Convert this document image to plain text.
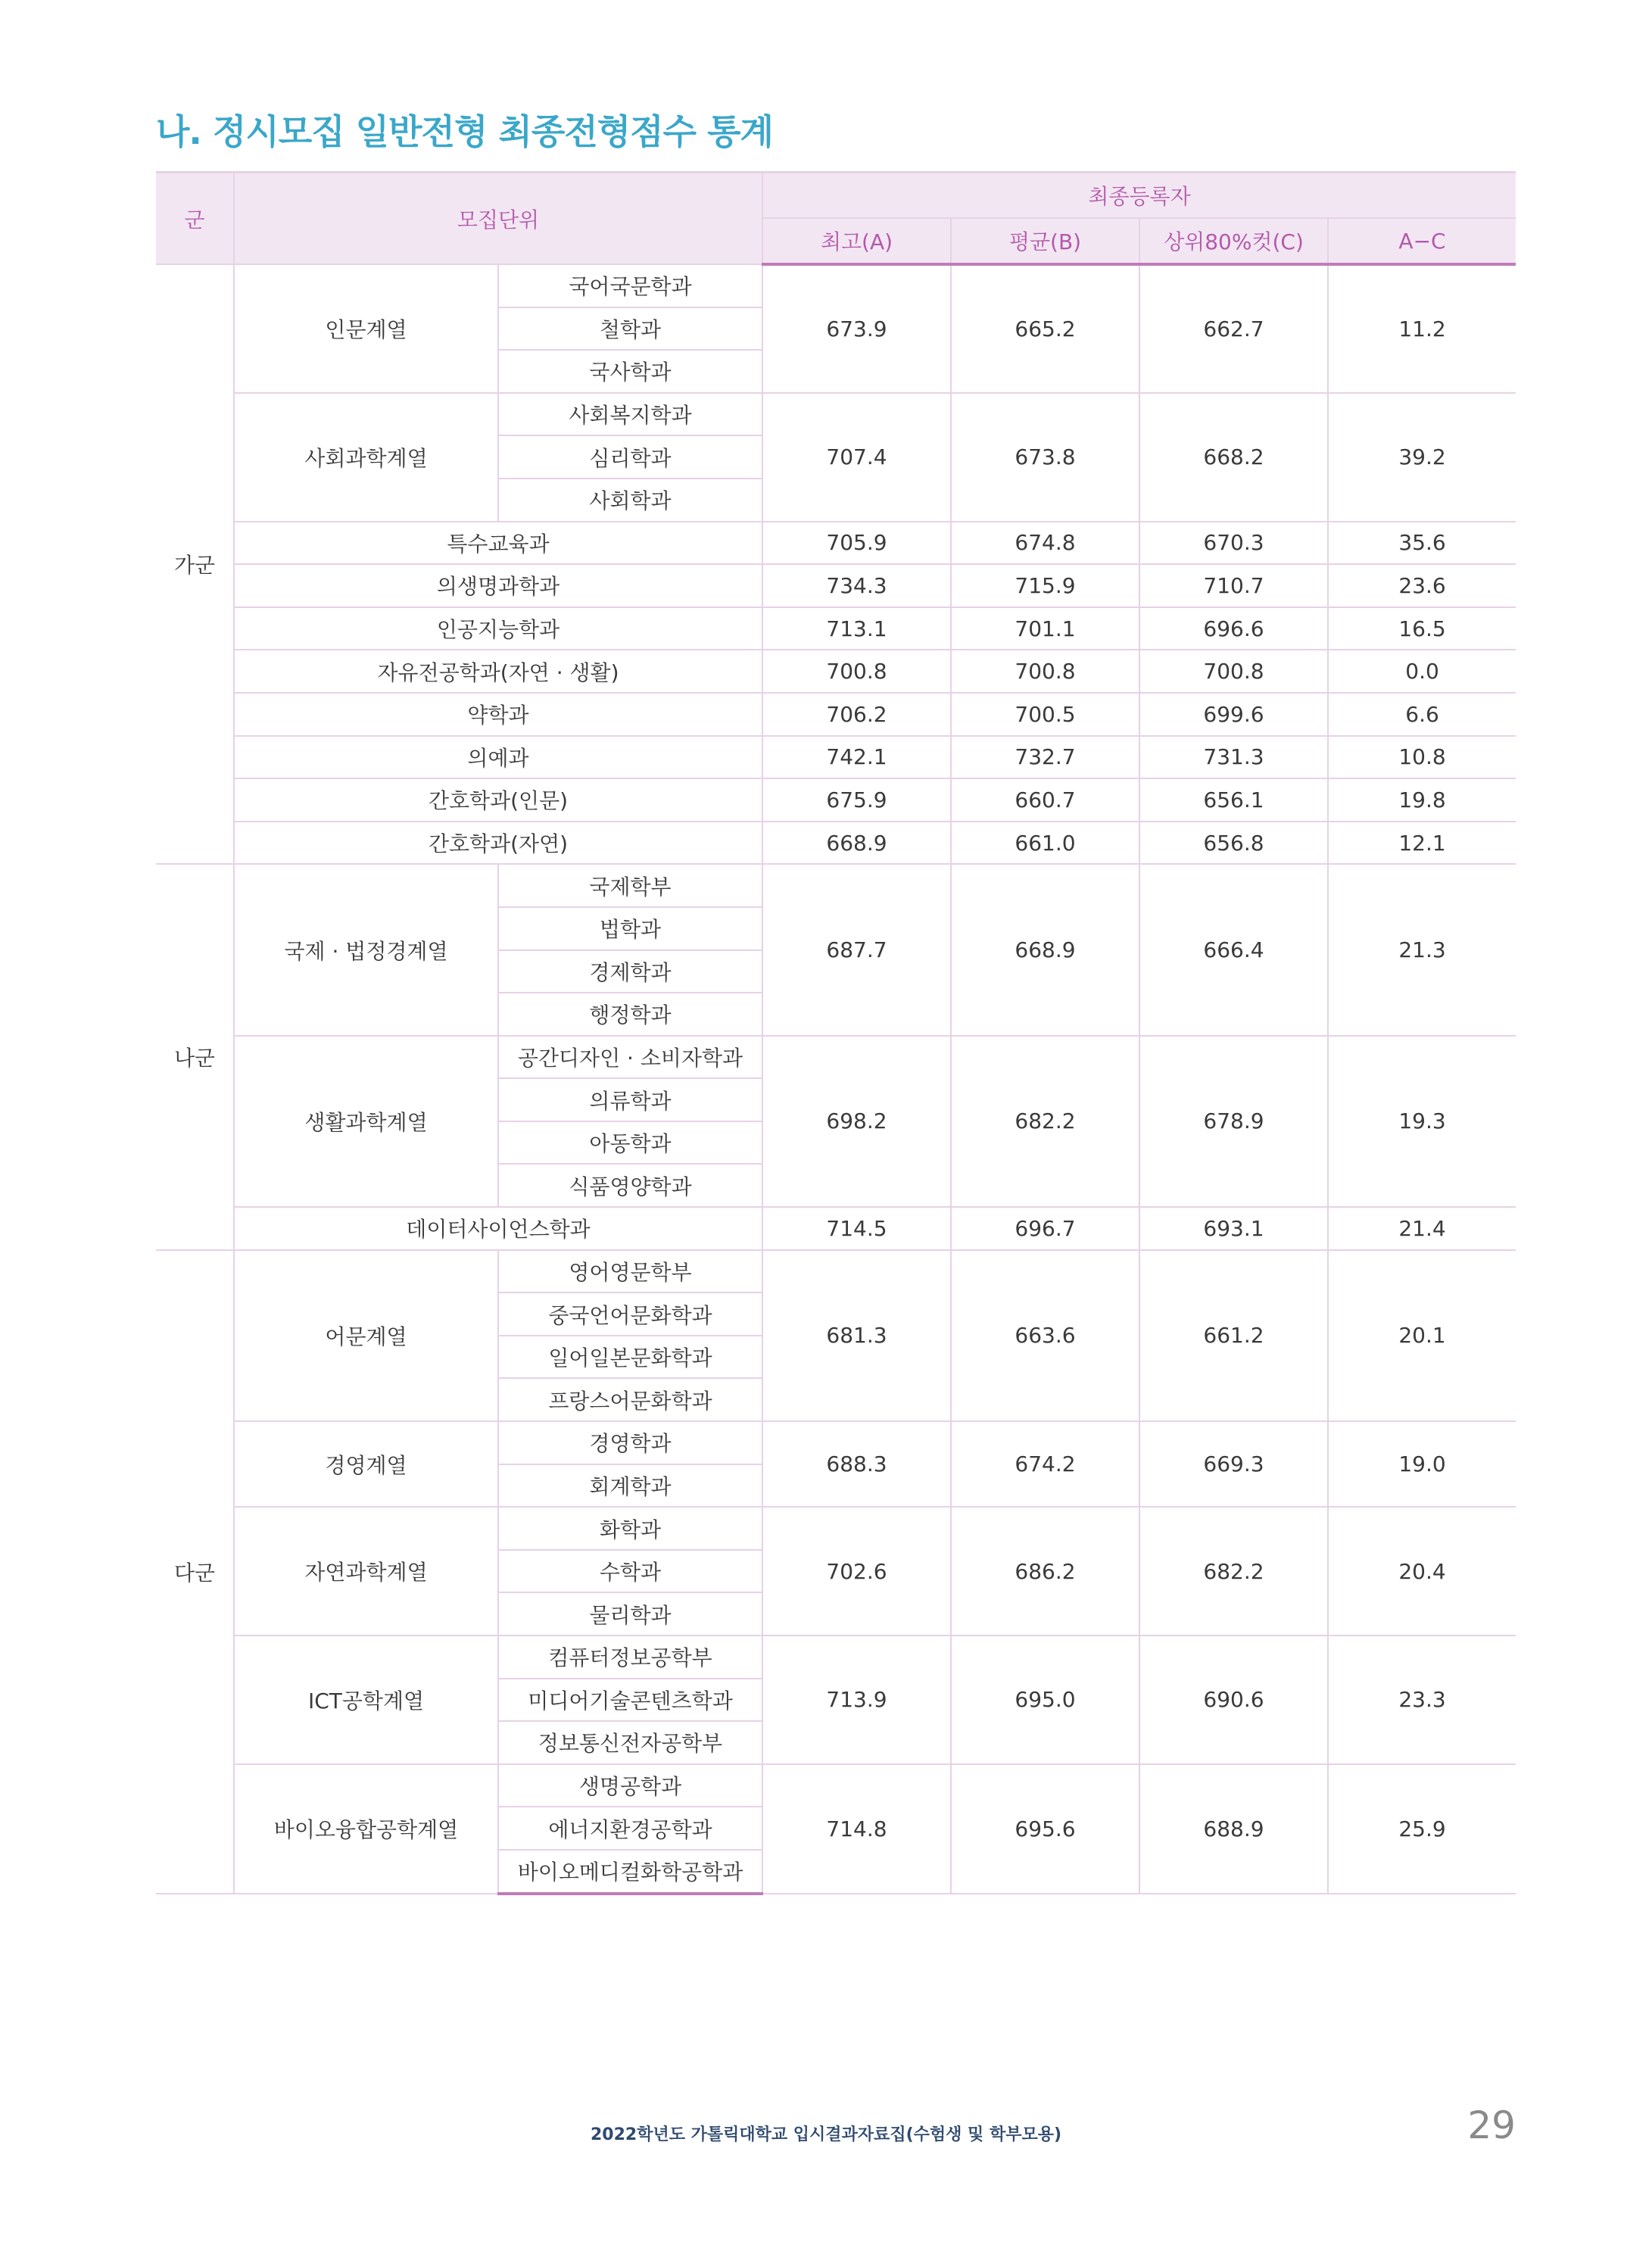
나. 정시모집 일반전형 최종전형점수 통계
군	모집단위		최종등록자			
			최고(A)	평균(B)	상위80%컷(C)	A−C
가군	인문계열	국어국문학과	673.9	665.2	662.7	11.2
		철학과				
		국사학과				
	사회과학계열	사회복지학과	707.4	673.8	668.2	39.2
		심리학과				
		사회학과				
	특수교육과		705.9	674.8	670.3	35.6
	의생명과학과		734.3	715.9	710.7	23.6
	인공지능학과		713.1	701.1	696.6	16.5
	자유전공학과(자연 · 생활)		700.8	700.8	700.8	0.0
	약학과		706.2	700.5	699.6	6.6
	의예과		742.1	732.7	731.3	10.8
	간호학과(인문)		675.9	660.7	656.1	19.8
	간호학과(자연)		668.9	661.0	656.8	12.1
나군	국제 · 법정경계열	국제학부	687.7	668.9	666.4	21.3
		법학과				
		경제학과				
		행정학과				
	생활과학계열	공간디자인 · 소비자학과	698.2	682.2	678.9	19.3
		의류학과				
		아동학과				
		식품영양학과				
	데이터사이언스학과		714.5	696.7	693.1	21.4
다군	어문계열	영어영문학부	681.3	663.6	661.2	20.1
		중국언어문화학과				
		일어일본문화학과				
		프랑스어문화학과				
	경영계열	경영학과	688.3	674.2	669.3	19.0
		회계학과				
	자연과학계열	화학과	702.6	686.2	682.2	20.4
		수학과				
		물리학과				
	ICT공학계열	컴퓨터정보공학부	713.9	695.0	690.6	23.3
		미디어기술콘텐츠학과				
		정보통신전자공학부				
	바이오융합공학계열	생명공학과	714.8	695.6	688.9	25.9
		에너지환경공학과				
		바이오메디컬화학공학과				
2022학년도 가톨릭대학교 입시결과자료집(수험생 및 학부모용)	29
